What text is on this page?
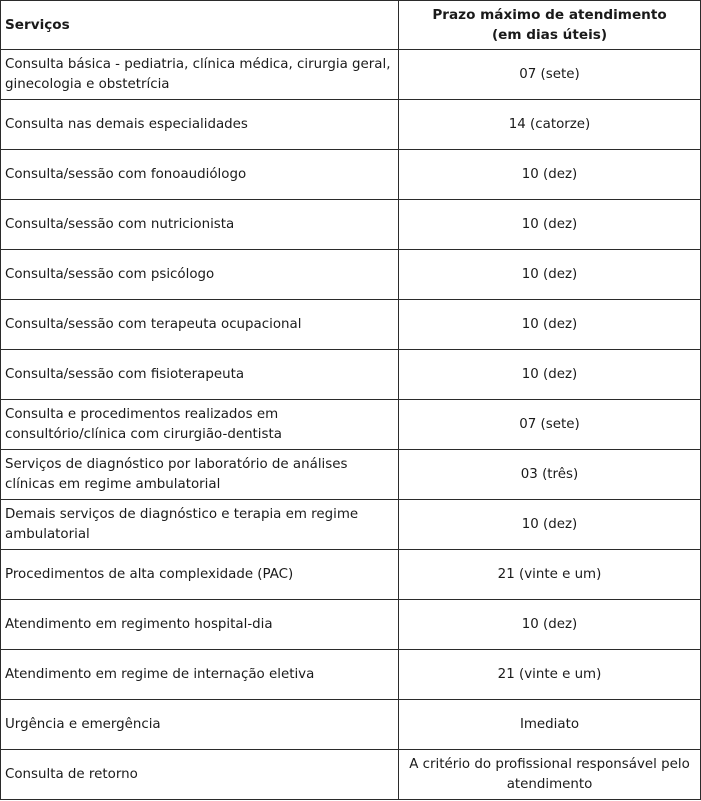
Serviços	Prazo máximo de atendimento
(em dias úteis)

Consulta básica - pediatria, clínica médica, cirurgia geral, ginecologia e obstetrícia	07 (sete)
Consulta nas demais especialidades	14 (catorze)
Consulta/sessão com fonoaudiólogo	10 (dez)
Consulta/sessão com nutricionista	10 (dez)
Consulta/sessão com psicólogo	10 (dez)
Consulta/sessão com terapeuta ocupacional	10 (dez)
Consulta/sessão com fisioterapeuta	10 (dez)
Consulta e procedimentos realizados em consultório/clínica com cirurgião-dentista	07 (sete)
Serviços de diagnóstico por laboratório de análises clínicas em regime ambulatorial	03 (três)
Demais serviços de diagnóstico e terapia em regime ambulatorial	10 (dez)
Procedimentos de alta complexidade (PAC)	21 (vinte e um)
Atendimento em regimento hospital-dia	10 (dez)
Atendimento em regime de internação eletiva	21 (vinte e um)
Urgência e emergência	Imediato
Consulta de retorno	A critério do profissional responsável pelo atendimento
